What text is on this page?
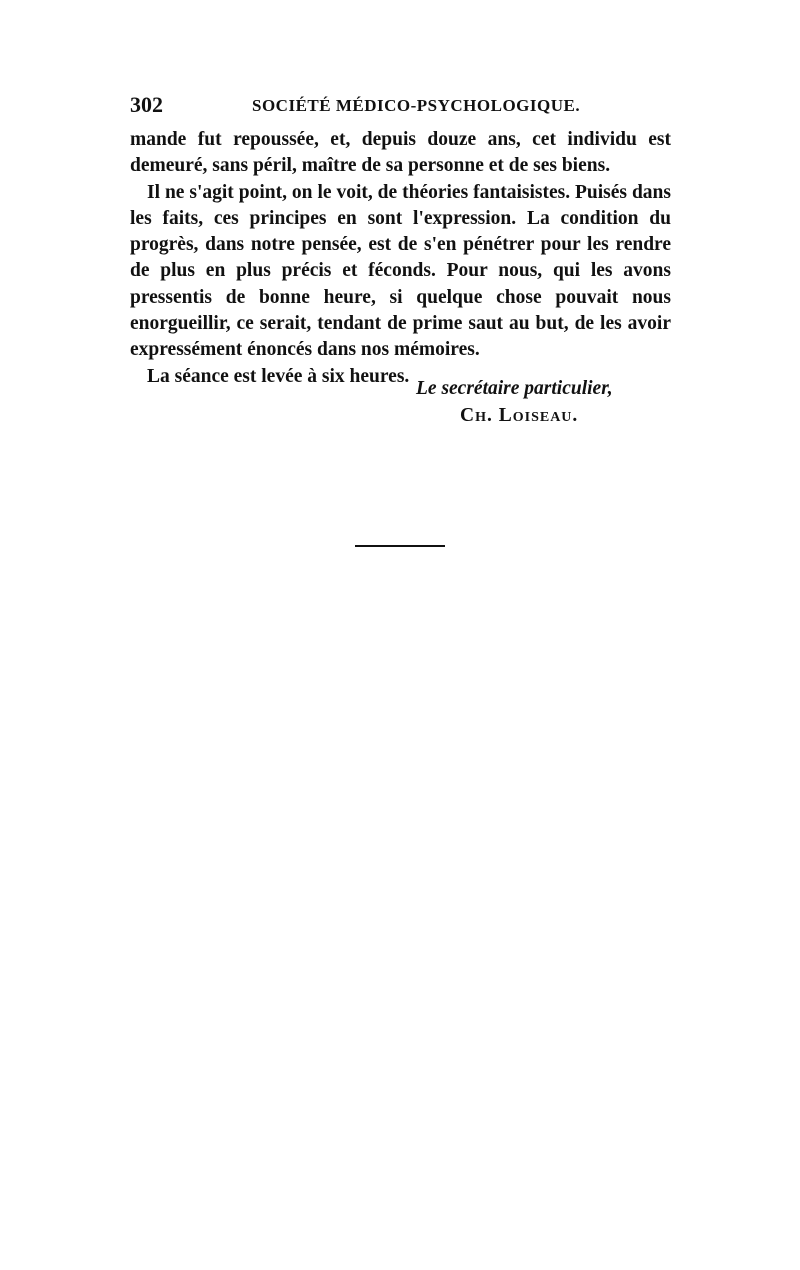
302	SOCIÉTÉ MÉDICO-PSYCHOLOGIQUE.

mande fut repoussée, et, depuis douze ans, cet individu est demeuré, sans péril, maître de sa personne et de ses biens.

Il ne s'agit point, on le voit, de théories fantaisistes. Puisés dans les faits, ces principes en sont l'expression. La condition du progrès, dans notre pensée, est de s'en pénétrer pour les rendre de plus en plus précis et féconds. Pour nous, qui les avons pressentis de bonne heure, si quelque chose pouvait nous enorgueillir, ce serait, tendant de prime saut au but, de les avoir expressément énoncés dans nos mémoires.

La séance est levée à six heures.

Le secrétaire particulier,
Ch. Loiseau.
